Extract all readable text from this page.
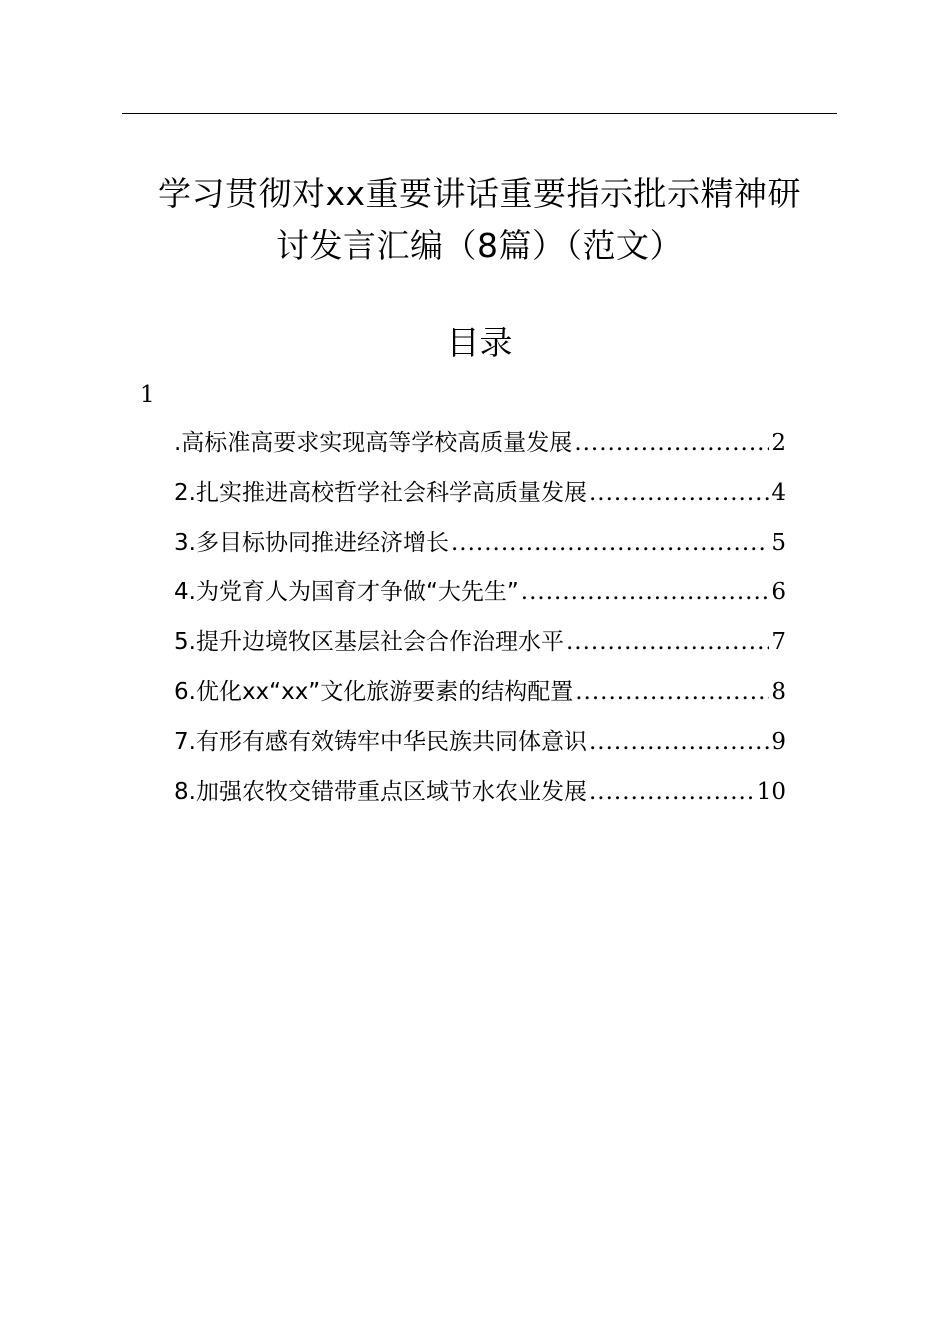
学习贯彻对xx重要讲话重要指示批示精神研
讨发言汇编（8篇）（范文）
目录
1
.高标准高要求实现高等学校高质量发展 .....	2
2.扎实推进高校哲学社会科学高质量发展 .....	4
3.多目标协同推进经济增长 .....	5
4.为党育人为国育才争做“大先生” .....	6
5.提升边境牧区基层社会合作治理水平 .....	7
6.优化xx“xx”文化旅游要素的结构配置 .....	8
7.有形有感有效铸牢中华民族共同体意识 .....	9
8.加强农牧交错带重点区域节水农业发展 .....	10
